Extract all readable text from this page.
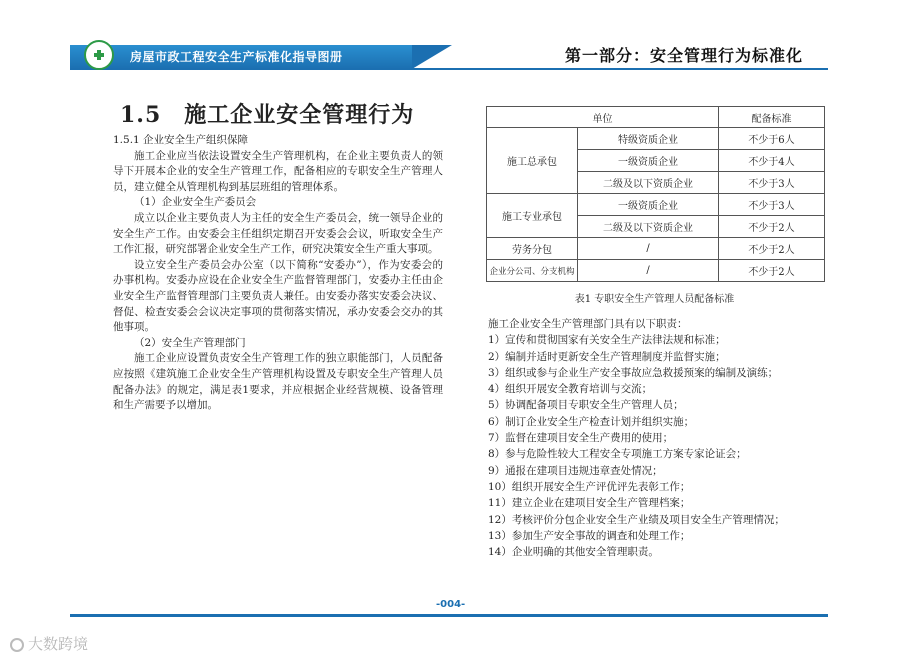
房屋市政工程安全生产标准化指导图册	第一部分：安全管理行为标准化
1.5　施工企业安全管理行为

1.5.1 企业安全生产组织保障

施工企业应当依法设置安全生产管理机构，在企业主要负责人的领导下开展本企业的安全生产管理工作，配备相应的专职安全生产管理人员，建立健全从管理机构到基层班组的管理体系。

（1）企业安全生产委员会

成立以企业主要负责人为主任的安全生产委员会，统一领导企业的安全生产工作。由安委会主任组织定期召开安委会会议，听取安全生产工作汇报，研究部署企业安全生产工作，研究决策安全生产重大事项。

设立安全生产委员会办公室（以下简称“安委办”），作为安委会的办事机构。安委办应设在企业安全生产监督管理部门，安委办主任由企业安全生产监督管理部门主要负责人兼任。由安委办落实安委会决议、督促、检查安委会会议决定事项的贯彻落实情况，承办安委会交办的其他事项。

（2）安全生产管理部门

施工企业应设置负责安全生产管理工作的独立职能部门，人员配备应按照《建筑施工企业安全生产管理机构设置及专职安全生产管理人员配备办法》的规定，满足表1要求，并应根据企业经营规模、设备管理和生产需要予以增加。

单位		配备标准
施工总承包	特级资质企业	不少于6人
	一级资质企业	不少于4人
	二级及以下资质企业	不少于3人
施工专业承包	一级资质企业	不少于3人
	二级及以下资质企业	不少于2人
劳务分包	/	不少于2人
企业分公司、分支机构	/	不少于2人
表1 专职安全生产管理人员配备标准

施工企业安全生产管理部门具有以下职责：

1）宣传和贯彻国家有关安全生产法律法规和标准；

2）编制并适时更新安全生产管理制度并监督实施；

3）组织或参与企业生产安全事故应急救援预案的编制及演练；

4）组织开展安全教育培训与交流；

5）协调配备项目专职安全生产管理人员；

6）制订企业安全生产检查计划并组织实施；

7）监督在建项目安全生产费用的使用；

8）参与危险性较大工程安全专项施工方案专家论证会；

9）通报在建项目违规违章查处情况；

10）组织开展安全生产评优评先表彰工作；

11）建立企业在建项目安全生产管理档案；

12）考核评价分包企业安全生产业绩及项目安全生产管理情况；

13）参加生产安全事故的调查和处理工作；

14）企业明确的其他安全管理职责。

-004-
大数跨境
